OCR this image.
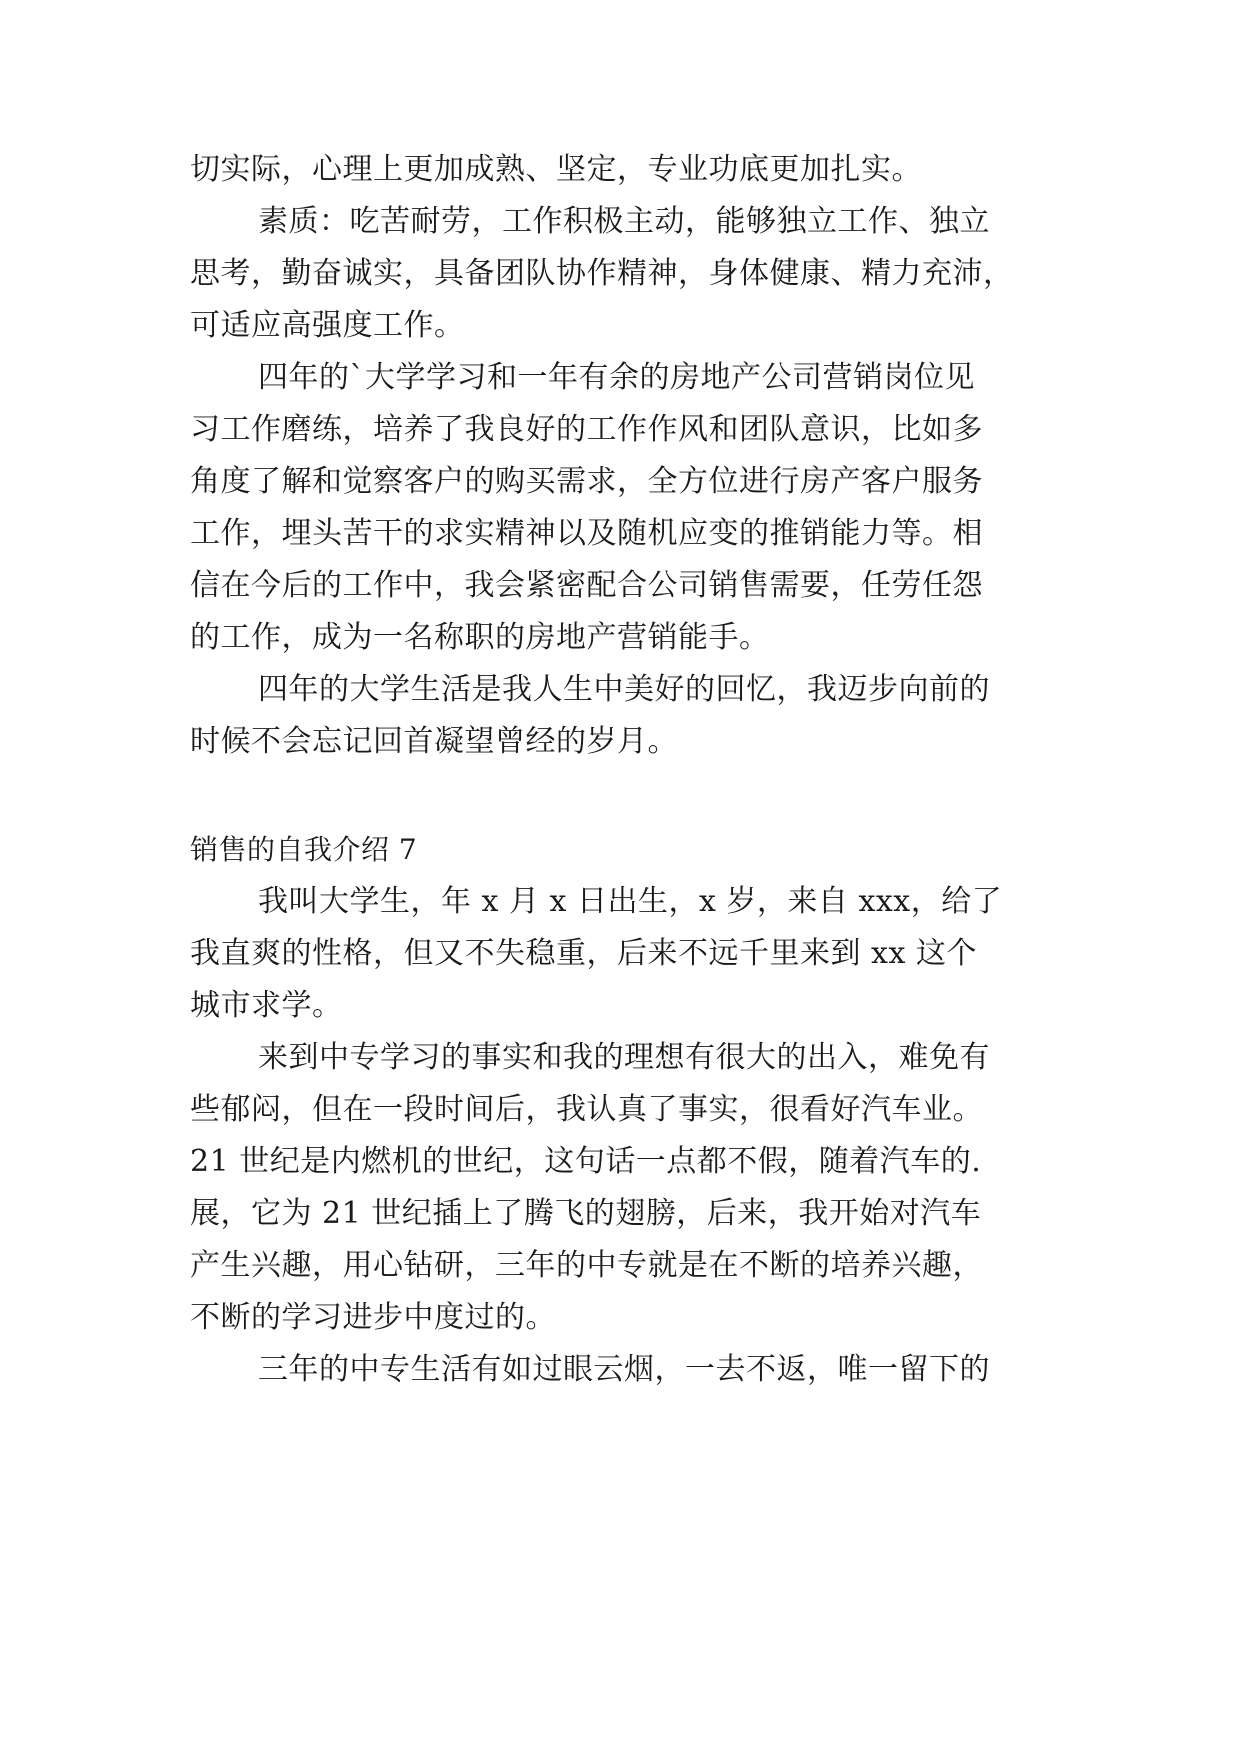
切实际，心理上更加成熟、坚定，专业功底更加扎实。
素质：吃苦耐劳，工作积极主动，能够独立工作、独立
思考，勤奋诚实，具备团队协作精神，身体健康、精力充沛，
可适应高强度工作。
四年的`大学学习和一年有余的房地产公司营销岗位见
习工作磨练，培养了我良好的工作作风和团队意识，比如多
角度了解和觉察客户的购买需求，全方位进行房产客户服务
工作，埋头苦干的求实精神以及随机应变的推销能力等。相
信在今后的工作中，我会紧密配合公司销售需要，任劳任怨
的工作，成为一名称职的房地产营销能手。
四年的大学生活是我人生中美好的回忆，我迈步向前的
时候不会忘记回首凝望曾经的岁月。
销售的自我介绍 7
我叫大学生，年 x 月 x 日出生，x 岁，来自 xxx，给了
我直爽的性格，但又不失稳重，后来不远千里来到 xx 这个
城市求学。
来到中专学习的事实和我的理想有很大的出入，难免有
些郁闷，但在一段时间后，我认真了事实，很看好汽车业。
21 世纪是内燃机的世纪，这句话一点都不假，随着汽车的.
展，它为 21 世纪插上了腾飞的翅膀，后来，我开始对汽车
产生兴趣，用心钻研，三年的中专就是在不断的培养兴趣，
不断的学习进步中度过的。
三年的中专生活有如过眼云烟，一去不返，唯一留下的
